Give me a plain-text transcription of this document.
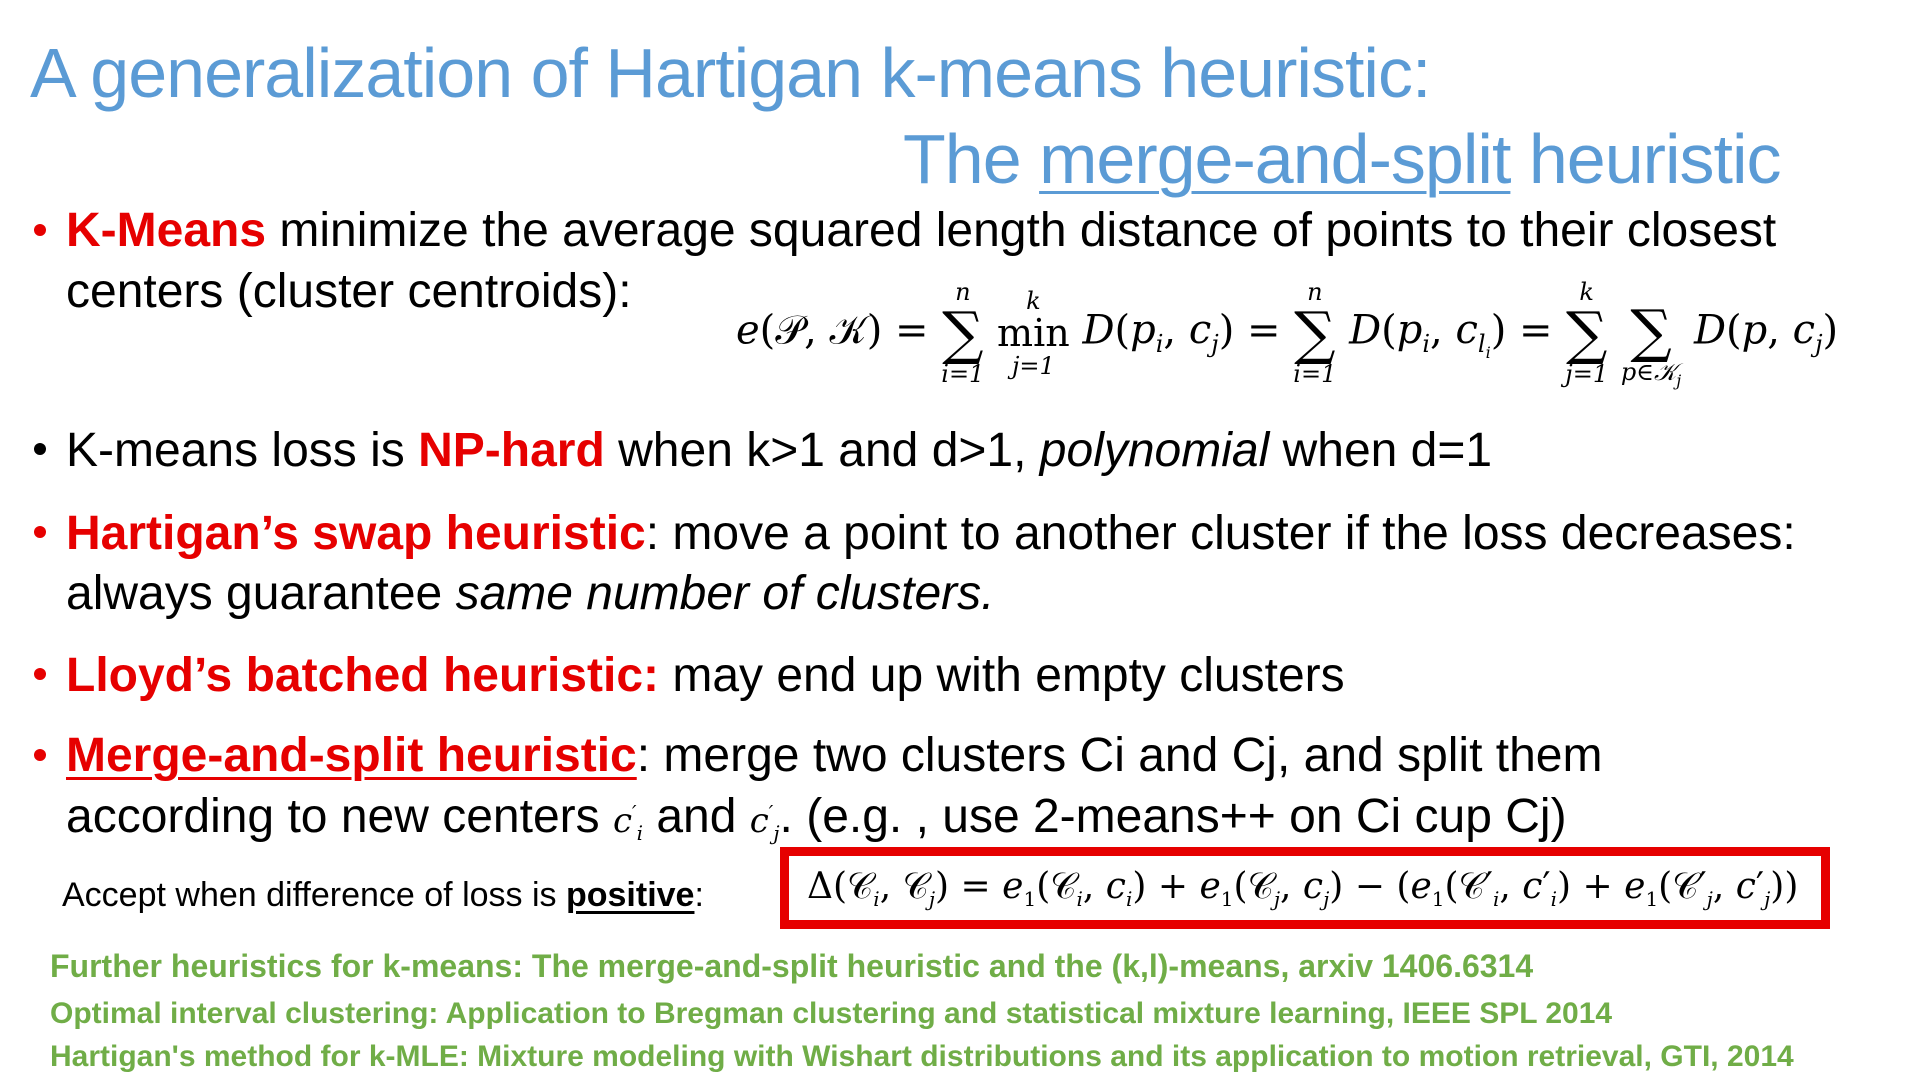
A generalization of Hartigan k-means heuristic:
The merge-and-split heuristic
K-Means minimize the average squared length distance of points to their closest
centers (cluster centroids):
e(𝒫, 𝒦) =
n
∑
i=1

k
min
j=1
$D(p_i$, $c_j$) =
n
∑
i=1
$D(p_i$, $c_{l_i}$) =
k
∑
j=1

∑
p∈𝒦$_j$
D(p, $c_j$)
K-means loss is NP-hard when k>1 and d>1, polynomial when d=1
Hartigan’s swap heuristic: move a point to another cluster if the loss decreases:
always guarantee same number of clusters.
Lloyd’s batched heuristic: may end up with empty clusters
Merge-and-split heuristic: merge two clusters Ci and Cj, and split them
according to new centers $c'_i$ and $c'_j$. (e.g. , use 2-means++ on Ci cup Cj)
Accept when difference of loss is positive:	Δ(𝒞$_i$, 𝒞$_j$) = $e_1(𝒞_i$, $c_i$) + $e_1(𝒞_j$, $c_j$) − ($e_1(𝒞'_i$, $c'_i$) + $e_1(𝒞'_j$, $c'_j$))
Further heuristics for k-means: The merge-and-split heuristic and the (k,l)-means, arxiv 1406.6314
Optimal interval clustering: Application to Bregman clustering and statistical mixture learning, IEEE SPL 2014
Hartigan's method for k-MLE: Mixture modeling with Wishart distributions and its application to motion retrieval, GTI, 2014
